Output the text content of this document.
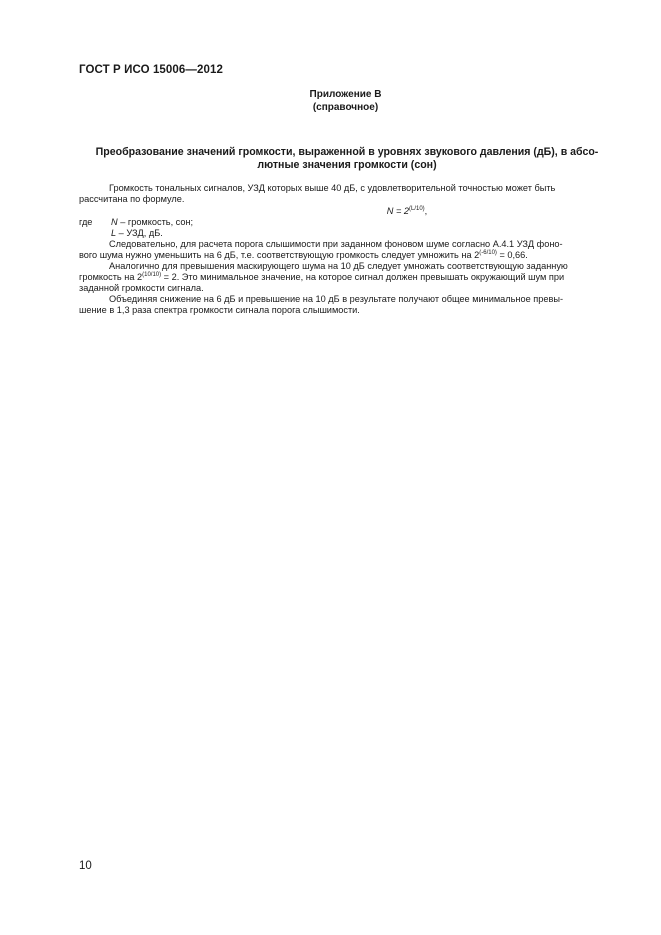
ГОСТ Р ИСО 15006—2012
Приложение В
(справочное)
Преобразование значений громкости, выраженной в уровнях звукового давления (дБ), в абсо-
лютные значения громкости (сон)

Громкость тональных сигналов, УЗД которых выше 40 дБ, с удовлетворительной точностью может быть

рассчитана по формуле.

$N = 2^{(L/10)}$,
где	N – громкость, сон;
L – УЗД, дБ.

Следовательно, для расчета порога слышимости при заданном фоновом шуме согласно А.4.1 УЗД фоно-

вого шума нужно уменьшить на 6 дБ, т.е. соответствующую громкость следует умножить на $2^{(-6/10)} = 0,66$.

Аналогично для превышения маскирующего шума на 10 дБ следует умножать соответствующую заданную

громкость на $2^{(10/10)} = 2$. Это минимальное значение, на которое сигнал должен превышать окружающий шум при

заданной громкости сигнала.

Объединяя снижение на 6 дБ и превышение на 10 дБ в результате получают общее минимальное превы-

шение в 1,3 раза спектра громкости сигнала порога слышимости.

10
